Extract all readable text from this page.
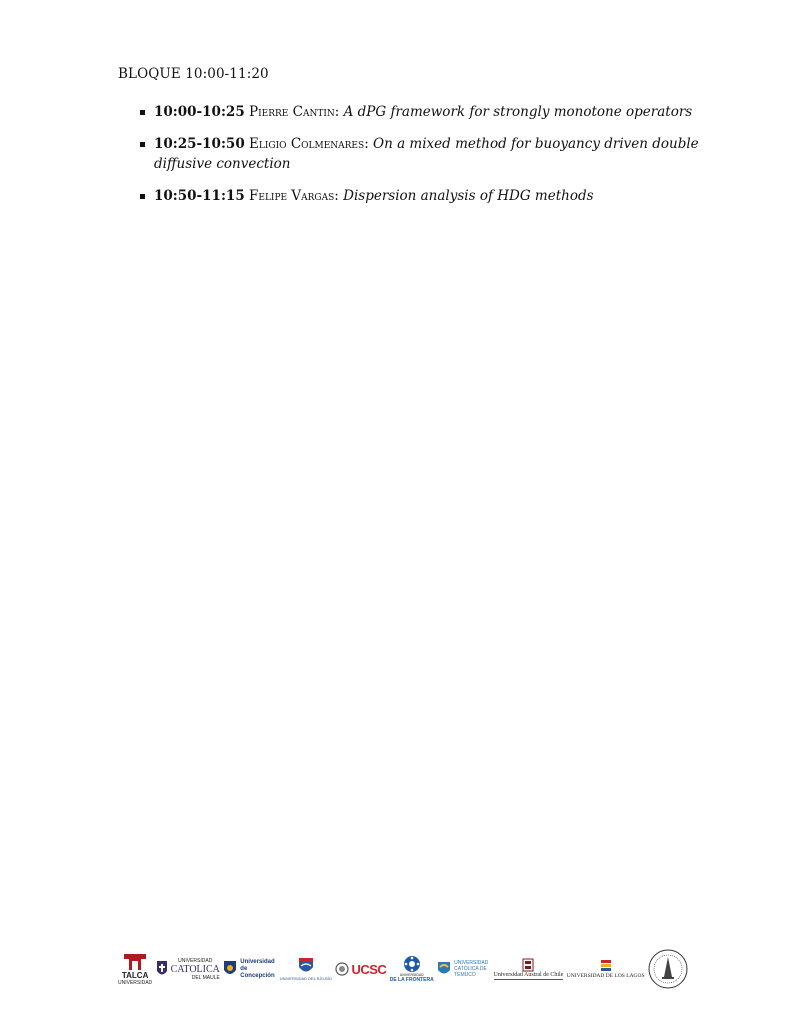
BLOQUE 10:00-11:20
10:00-10:25 Pierre Cantin: A dPG framework for strongly monotone operators
10:25-10:50 Eligio Colmenares: On a mixed method for buoyancy driven double diffusive convection
10:50-11:15 Felipe Vargas: Dispersion analysis of HDG methods
TALCA
UNIVERSIDAD
UNIVERSIDAD
CATOLICA
DEL MAULE
Universidad de Concepción	UNIVERSIDAD DEL BÍO-BÍO
UCSC	UNIVERSIDAD
DE LA FRONTERA
UNIVERSIDAD CATÓLICA DE TEMUCO	Universidad Austral de Chile UNIVERSIDAD DE LOS LAGOS
